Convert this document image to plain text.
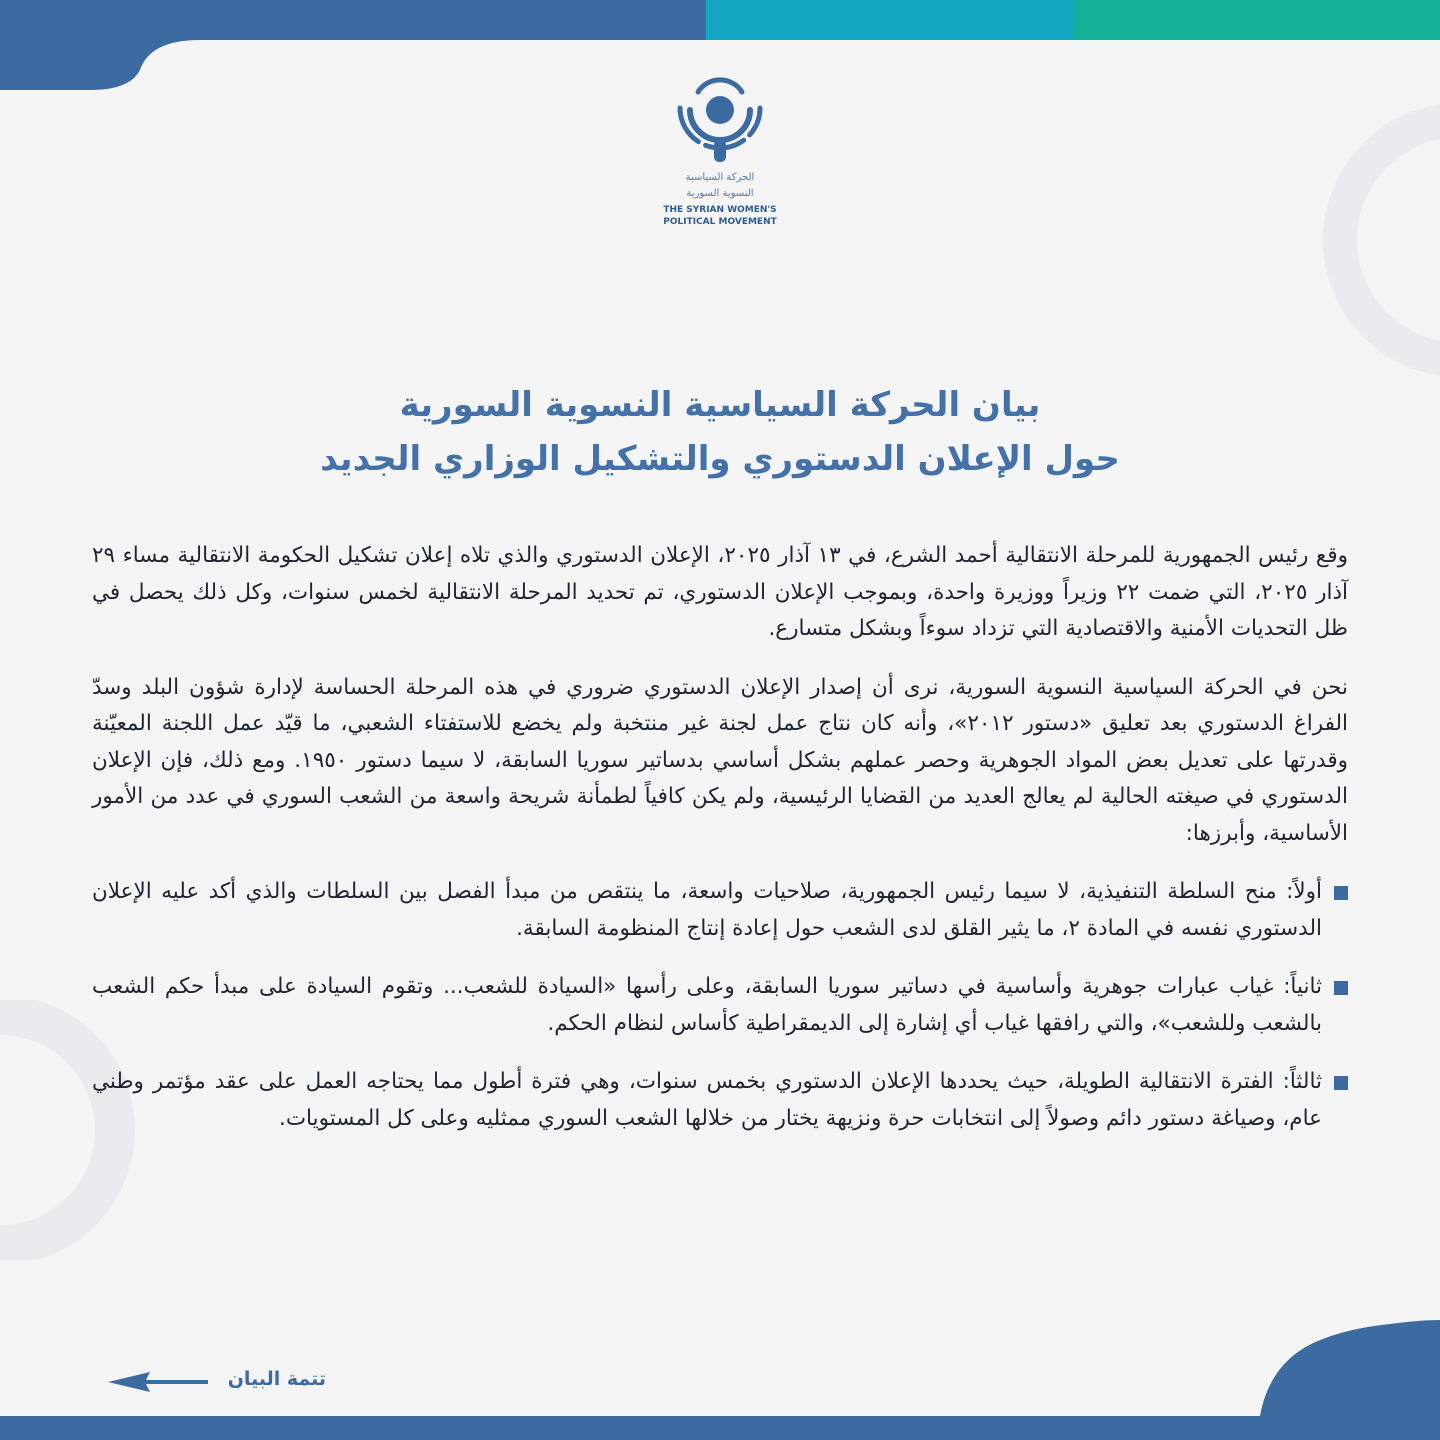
الحركة السياسية
النسوية السورية
THE SYRIAN WOMEN'S
POLITICAL MOVEMENT
بيان الحركة السياسية النسوية السورية
حول الإعلان الدستوري والتشكيل الوزاري الجديد

وقع رئيس الجمهورية للمرحلة الانتقالية أحمد الشرع، في ١٣ آذار ٢٠٢٥، الإعلان الدستوري والذي تلاه إعلان تشكيل الحكومة الانتقالية مساء ٢٩ آذار ٢٠٢٥، التي ضمت ٢٢ وزيراً ووزيرة واحدة، وبموجب الإعلان الدستوري، تم تحديد المرحلة الانتقالية لخمس سنوات، وكل ذلك يحصل في ظل التحديات الأمنية والاقتصادية التي تزداد سوءاً وبشكل متسارع.

نحن في الحركة السياسية النسوية السورية، نرى أن إصدار الإعلان الدستوري ضروري في هذه المرحلة الحساسة لإدارة شؤون البلد وسدّ الفراغ الدستوري بعد تعليق «دستور ٢٠١٢»، وأنه كان نتاج عمل لجنة غير منتخبة ولم يخضع للاستفتاء الشعبي، ما قيّد عمل اللجنة المعيّنة وقدرتها على تعديل بعض المواد الجوهرية وحصر عملهم بشكل أساسي بدساتير سوريا السابقة، لا سيما دستور ١٩٥٠. ومع ذلك، فإن الإعلان الدستوري في صيغته الحالية لم يعالج العديد من القضايا الرئيسية، ولم يكن كافياً لطمأنة شريحة واسعة من الشعب السوري في عدد من الأمور الأساسية، وأبرزها:

أولاً: منح السلطة التنفيذية، لا سيما رئيس الجمهورية، صلاحيات واسعة، ما ينتقص من مبدأ الفصل بين السلطات والذي أكد عليه الإعلان الدستوري نفسه في المادة ٢، ما يثير القلق لدى الشعب حول إعادة إنتاج المنظومة السابقة.
ثانياً: غياب عبارات جوهرية وأساسية في دساتير سوريا السابقة، وعلى رأسها «السيادة للشعب... وتقوم السيادة على مبدأ حكم الشعب بالشعب وللشعب»، والتي رافقها غياب أي إشارة إلى الديمقراطية كأساس لنظام الحكم.
ثالثاً: الفترة الانتقالية الطويلة، حيث يحددها الإعلان الدستوري بخمس سنوات، وهي فترة أطول مما يحتاجه العمل على عقد مؤتمر وطني عام، وصياغة دستور دائم وصولاً إلى انتخابات حرة ونزيهة يختار من خلالها الشعب السوري ممثليه وعلى كل المستويات.
تتمة البيان
